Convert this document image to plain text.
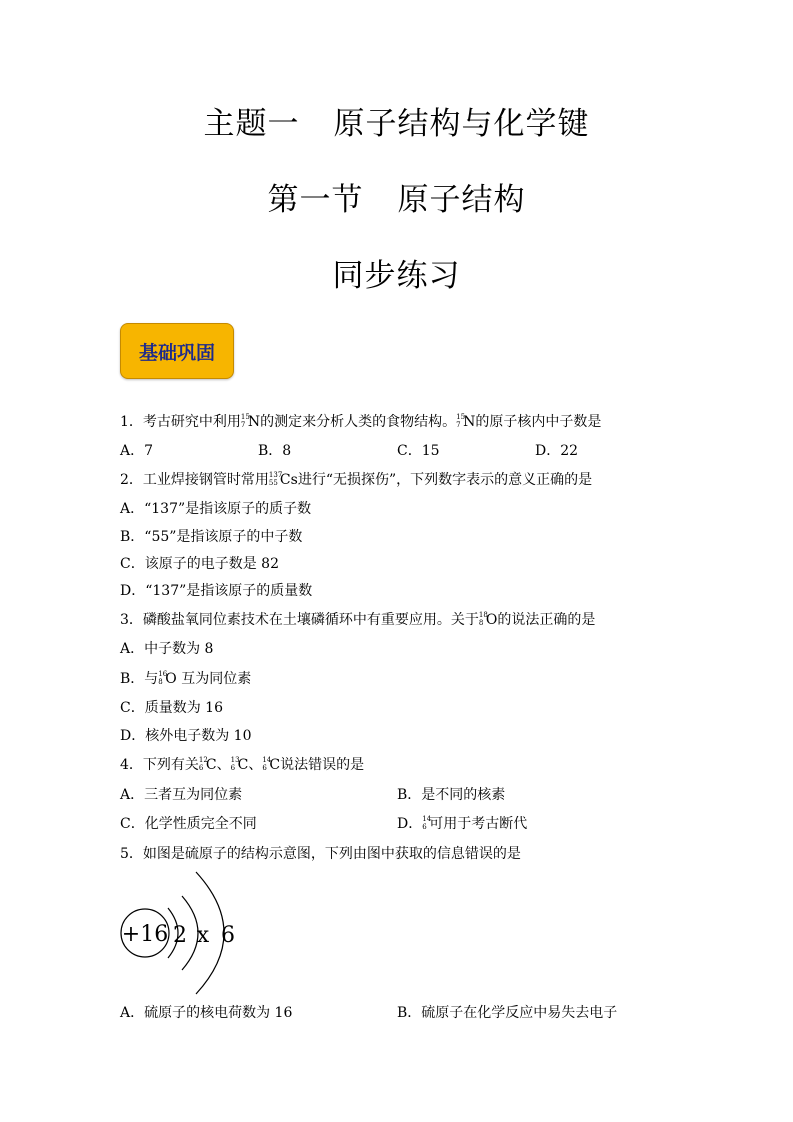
主题一 原子结构与化学键
第一节 原子结构
同步练习
基础巩固
1．考古研究中利用 15
7 N的测定来分析人类的食物结构。 15
7 N的原子核内中子数是
A．7	B．8	C．15	D．22
2．工业焊接钢管时常用 137
55 Cs进行“无损探伤”，下列数字表示的意义正确的是
A．“137”是指该原子的质子数
B．“55”是指该原子的中子数
C．该原子的电子数是 82
D．“137”是指该原子的质量数
3．磷酸盐氧同位素技术在土壤磷循环中有重要应用。关于 18
8 O的说法正确的是
A．中子数为 8
B．与 16
8 O 互为同位素
C．质量数为 16
D．核外电子数为 10
4．下列有关 12
6 C、 13
6 C、 14
6 C说法错误的是
A．三者互为同位素	B．是不同的核素
C．化学性质完全不同	D． 14
6 可用于考古断代
5．如图是硫原子的结构示意图，下列由图中获取的信息错误的是
+16 2 x 6
A．硫原子的核电荷数为 16	B．硫原子在化学反应中易失去电子
